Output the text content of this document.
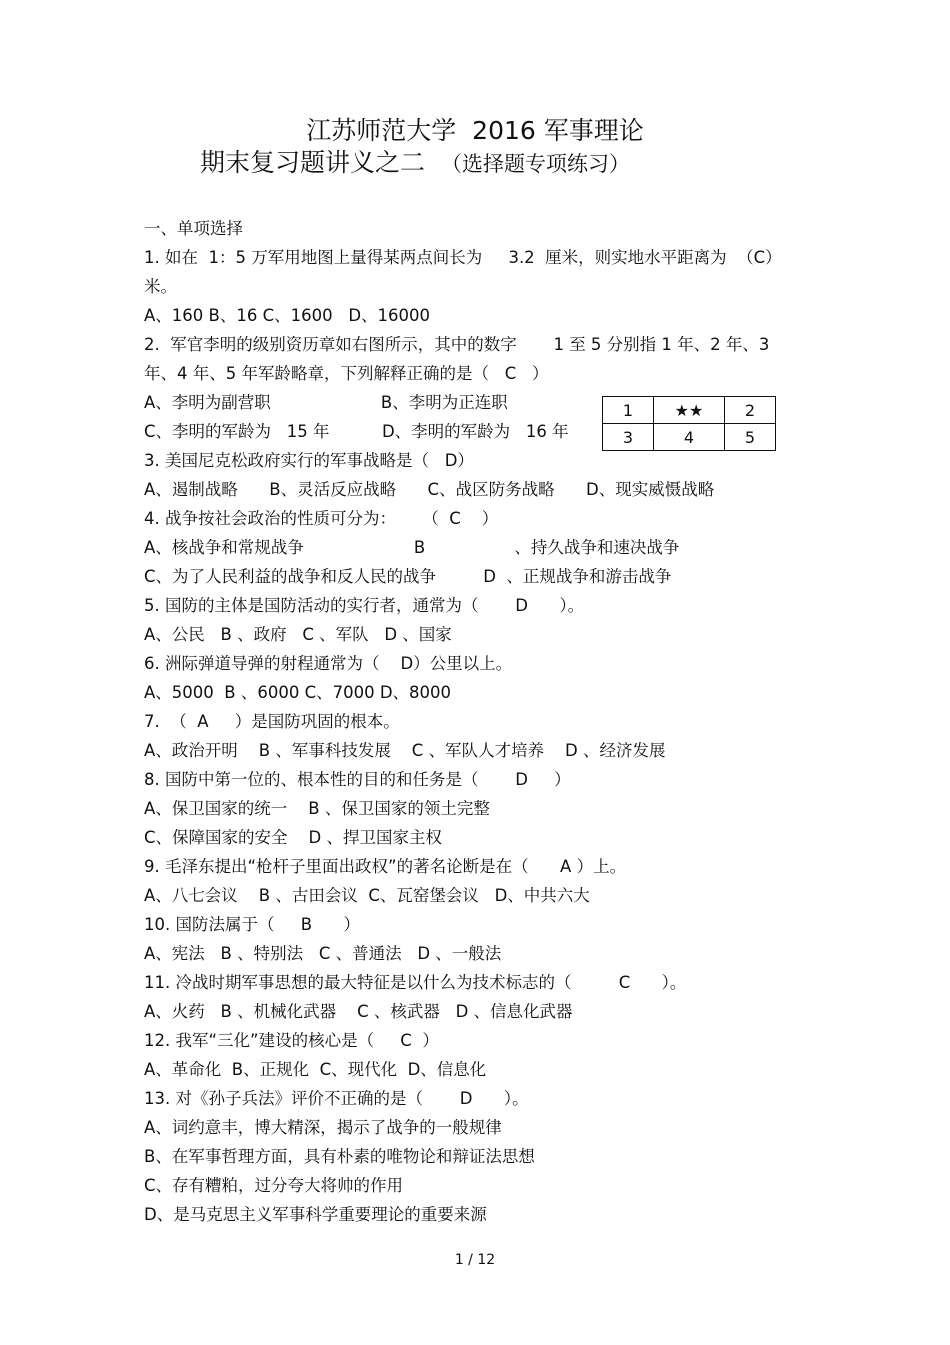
江苏师范大学  2016 军事理论
期末复习题讲义之二  （选择题专项练习）
一、单项选择
1. 如在  1：5 万军用地图上量得某两点间长为     3.2  厘米，则实地水平距离为  （C）
米。
A、160 B、16 C、1600   D、16000
2.  军官李明的级别资历章如右图所示，其中的数字       1 至 5 分别指 1 年、2 年、3
年、4 年、5 年军龄略章，下列解释正确的是（   C   ）
A、李明为副营职                     B、李明为正连职
C、李明的军龄为   15 年          D、李明的军龄为   16 年
3. 美国尼克松政府实行的军事战略是（   D）
A、遏制战略      B、灵活反应战略      C、战区防务战略      D、现实威慑战略
4. 战争按社会政治的性质可分为：     （  C    ）
A、核战争和常规战争                     B                 、持久战争和速决战争
C、为了人民利益的战争和反人民的战争         D  、正规战争和游击战争
5. 国防的主体是国防活动的实行者，通常为（       D      ）。
A、公民   B 、政府   C 、军队   D 、国家
6. 洲际弹道导弹的射程通常为（    D）公里以上。
A、5000  B 、6000 C、7000 D、8000
7.  （  A     ）是国防巩固的根本。
A、政治开明    B 、军事科技发展    C 、军队人才培养    D 、经济发展
8. 国防中第一位的、根本性的目的和任务是（       D     ）
A、保卫国家的统一    B 、保卫国家的领土完整
C、保障国家的安全    D 、捍卫国家主权
9. 毛泽东提出“枪杆子里面出政权”的著名论断是在（      A ）上。
A、八七会议    B 、古田会议  C、瓦窑堡会议   D、中共六大
10. 国防法属于（     B      ）
A、宪法   B 、特别法   C 、普通法   D 、一般法
11. 冷战时期军事思想的最大特征是以什么为技术标志的（         C      ）。
A、火药   B 、机械化武器    C 、核武器   D 、信息化武器
12. 我军“三化”建设的核心是（     C  ）
A、革命化  B、正规化  C、现代化  D、信息化
13. 对《孙子兵法》评价不正确的是（       D      ）。
A、词约意丰，博大精深，揭示了战争的一般规律
B、在军事哲理方面，具有朴素的唯物论和辩证法思想
C、存有糟粕，过分夸大将帅的作用
D、是马克思主义军事科学重要理论的重要来源
1	★★	2
3	4	5
1 / 12
